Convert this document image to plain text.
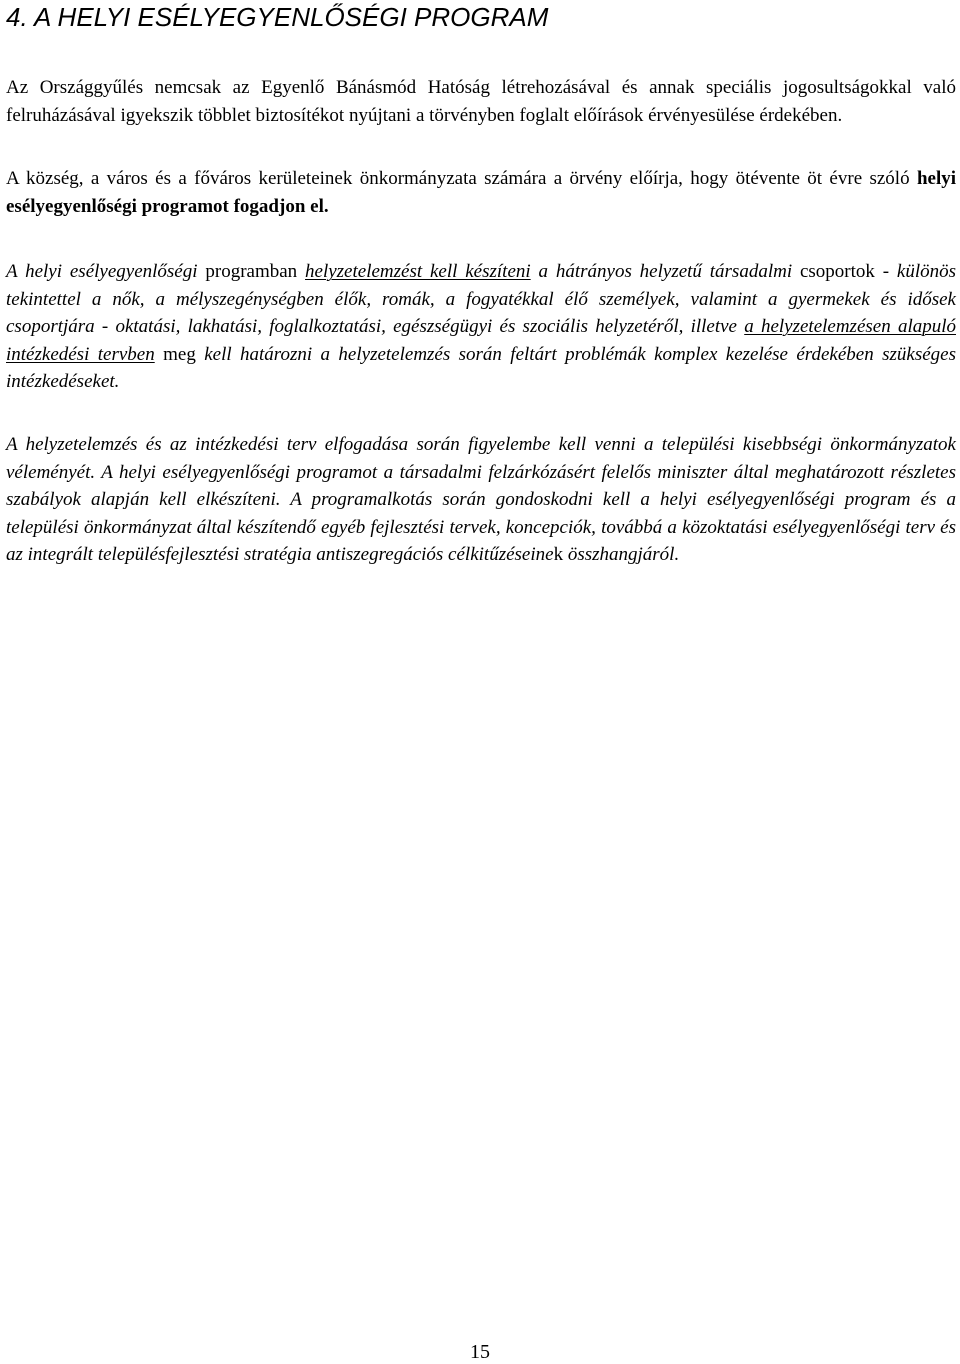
4. A HELYI ESÉLYEGYENLŐSÉGI PROGRAM

Az Országgyűlés nemcsak az Egyenlő Bánásmód Hatóság létrehozásával és annak speciális jogosultságokkal való felruházásával igyekszik többlet biztosítékot nyújtani a törvényben foglalt előírások érvényesülése érdekében.

A község, a város és a főváros kerületeinek önkormányzata számára a örvény előírja, hogy ötévente öt évre szóló helyi esélyegyenlőségi programot fogadjon el.

A helyi esélyegyenlőségi programban helyzetelemzést kell készíteni a hátrányos helyzetű társadalmi csoportok - különös tekintettel a nők, a mélyszegénységben élők, romák, a fogyatékkal élő személyek, valamint a gyermekek és idősek csoportjára - oktatási, lakhatási, foglalkoztatási, egészségügyi és szociális helyzetéről, illetve a helyzetelemzésen alapuló intézkedési tervben meg kell határozni a helyzetelemzés során feltárt problémák komplex kezelése érdekében szükséges intézkedéseket.

A helyzetelemzés és az intézkedési terv elfogadása során figyelembe kell venni a települési kisebbségi önkormányzatok véleményét. A helyi esélyegyenlőségi programot a társadalmi felzárkózásért felelős miniszter által meghatározott részletes szabályok alapján kell elkészíteni. A programalkotás során gondoskodni kell a helyi esélyegyenlőségi program és a települési önkormányzat által készítendő egyéb fejlesztési tervek, koncepciók, továbbá a közoktatási esélyegyenlőségi terv és az integrált településfejlesztési stratégia antiszegregációs célkitűzéseinek összhangjáról.

15
